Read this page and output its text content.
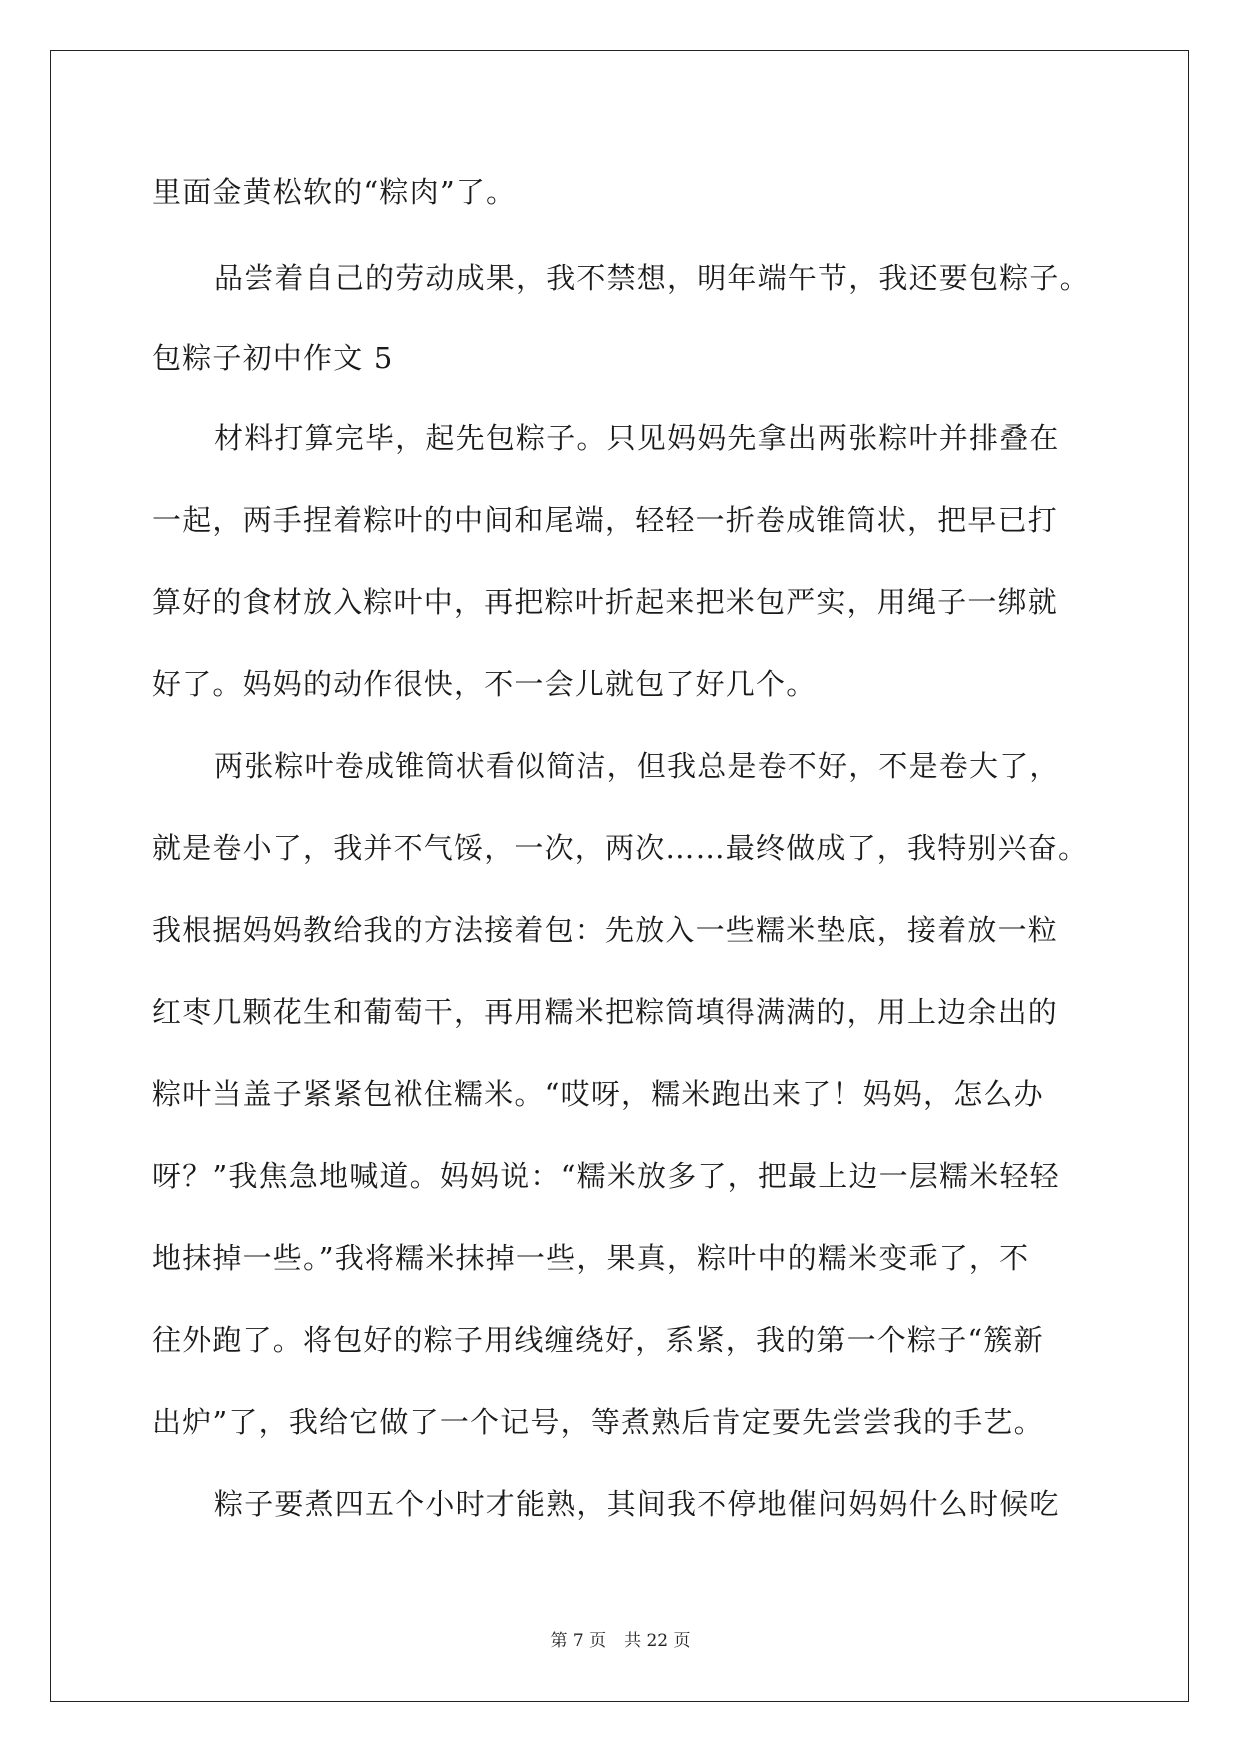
里面金黄松软的“粽肉”了。
品尝着自己的劳动成果，我不禁想，明年端午节，我还要包粽子。
包粽子初中作文 5
材料打算完毕，起先包粽子。只见妈妈先拿出两张粽叶并排叠在
一起，两手捏着粽叶的中间和尾端，轻轻一折卷成锥筒状，把早已打
算好的食材放入粽叶中，再把粽叶折起来把米包严实，用绳子一绑就
好了。妈妈的动作很快，不一会儿就包了好几个。
两张粽叶卷成锥筒状看似简洁，但我总是卷不好，不是卷大了，
就是卷小了，我并不气馁，一次，两次……最终做成了，我特别兴奋。
我根据妈妈教给我的方法接着包：先放入一些糯米垫底，接着放一粒
红枣几颗花生和葡萄干，再用糯米把粽筒填得满满的，用上边余出的
粽叶当盖子紧紧包袱住糯米。“哎呀，糯米跑出来了！妈妈，怎么办
呀？”我焦急地喊道。妈妈说：“糯米放多了，把最上边一层糯米轻轻
地抹掉一些。”我将糯米抹掉一些，果真，粽叶中的糯米变乖了，不
往外跑了。将包好的粽子用线缠绕好，系紧，我的第一个粽子“簇新
出炉”了，我给它做了一个记号，等煮熟后肯定要先尝尝我的手艺。
粽子要煮四五个小时才能熟，其间我不停地催问妈妈什么时候吃
第 7 页 共 22 页
